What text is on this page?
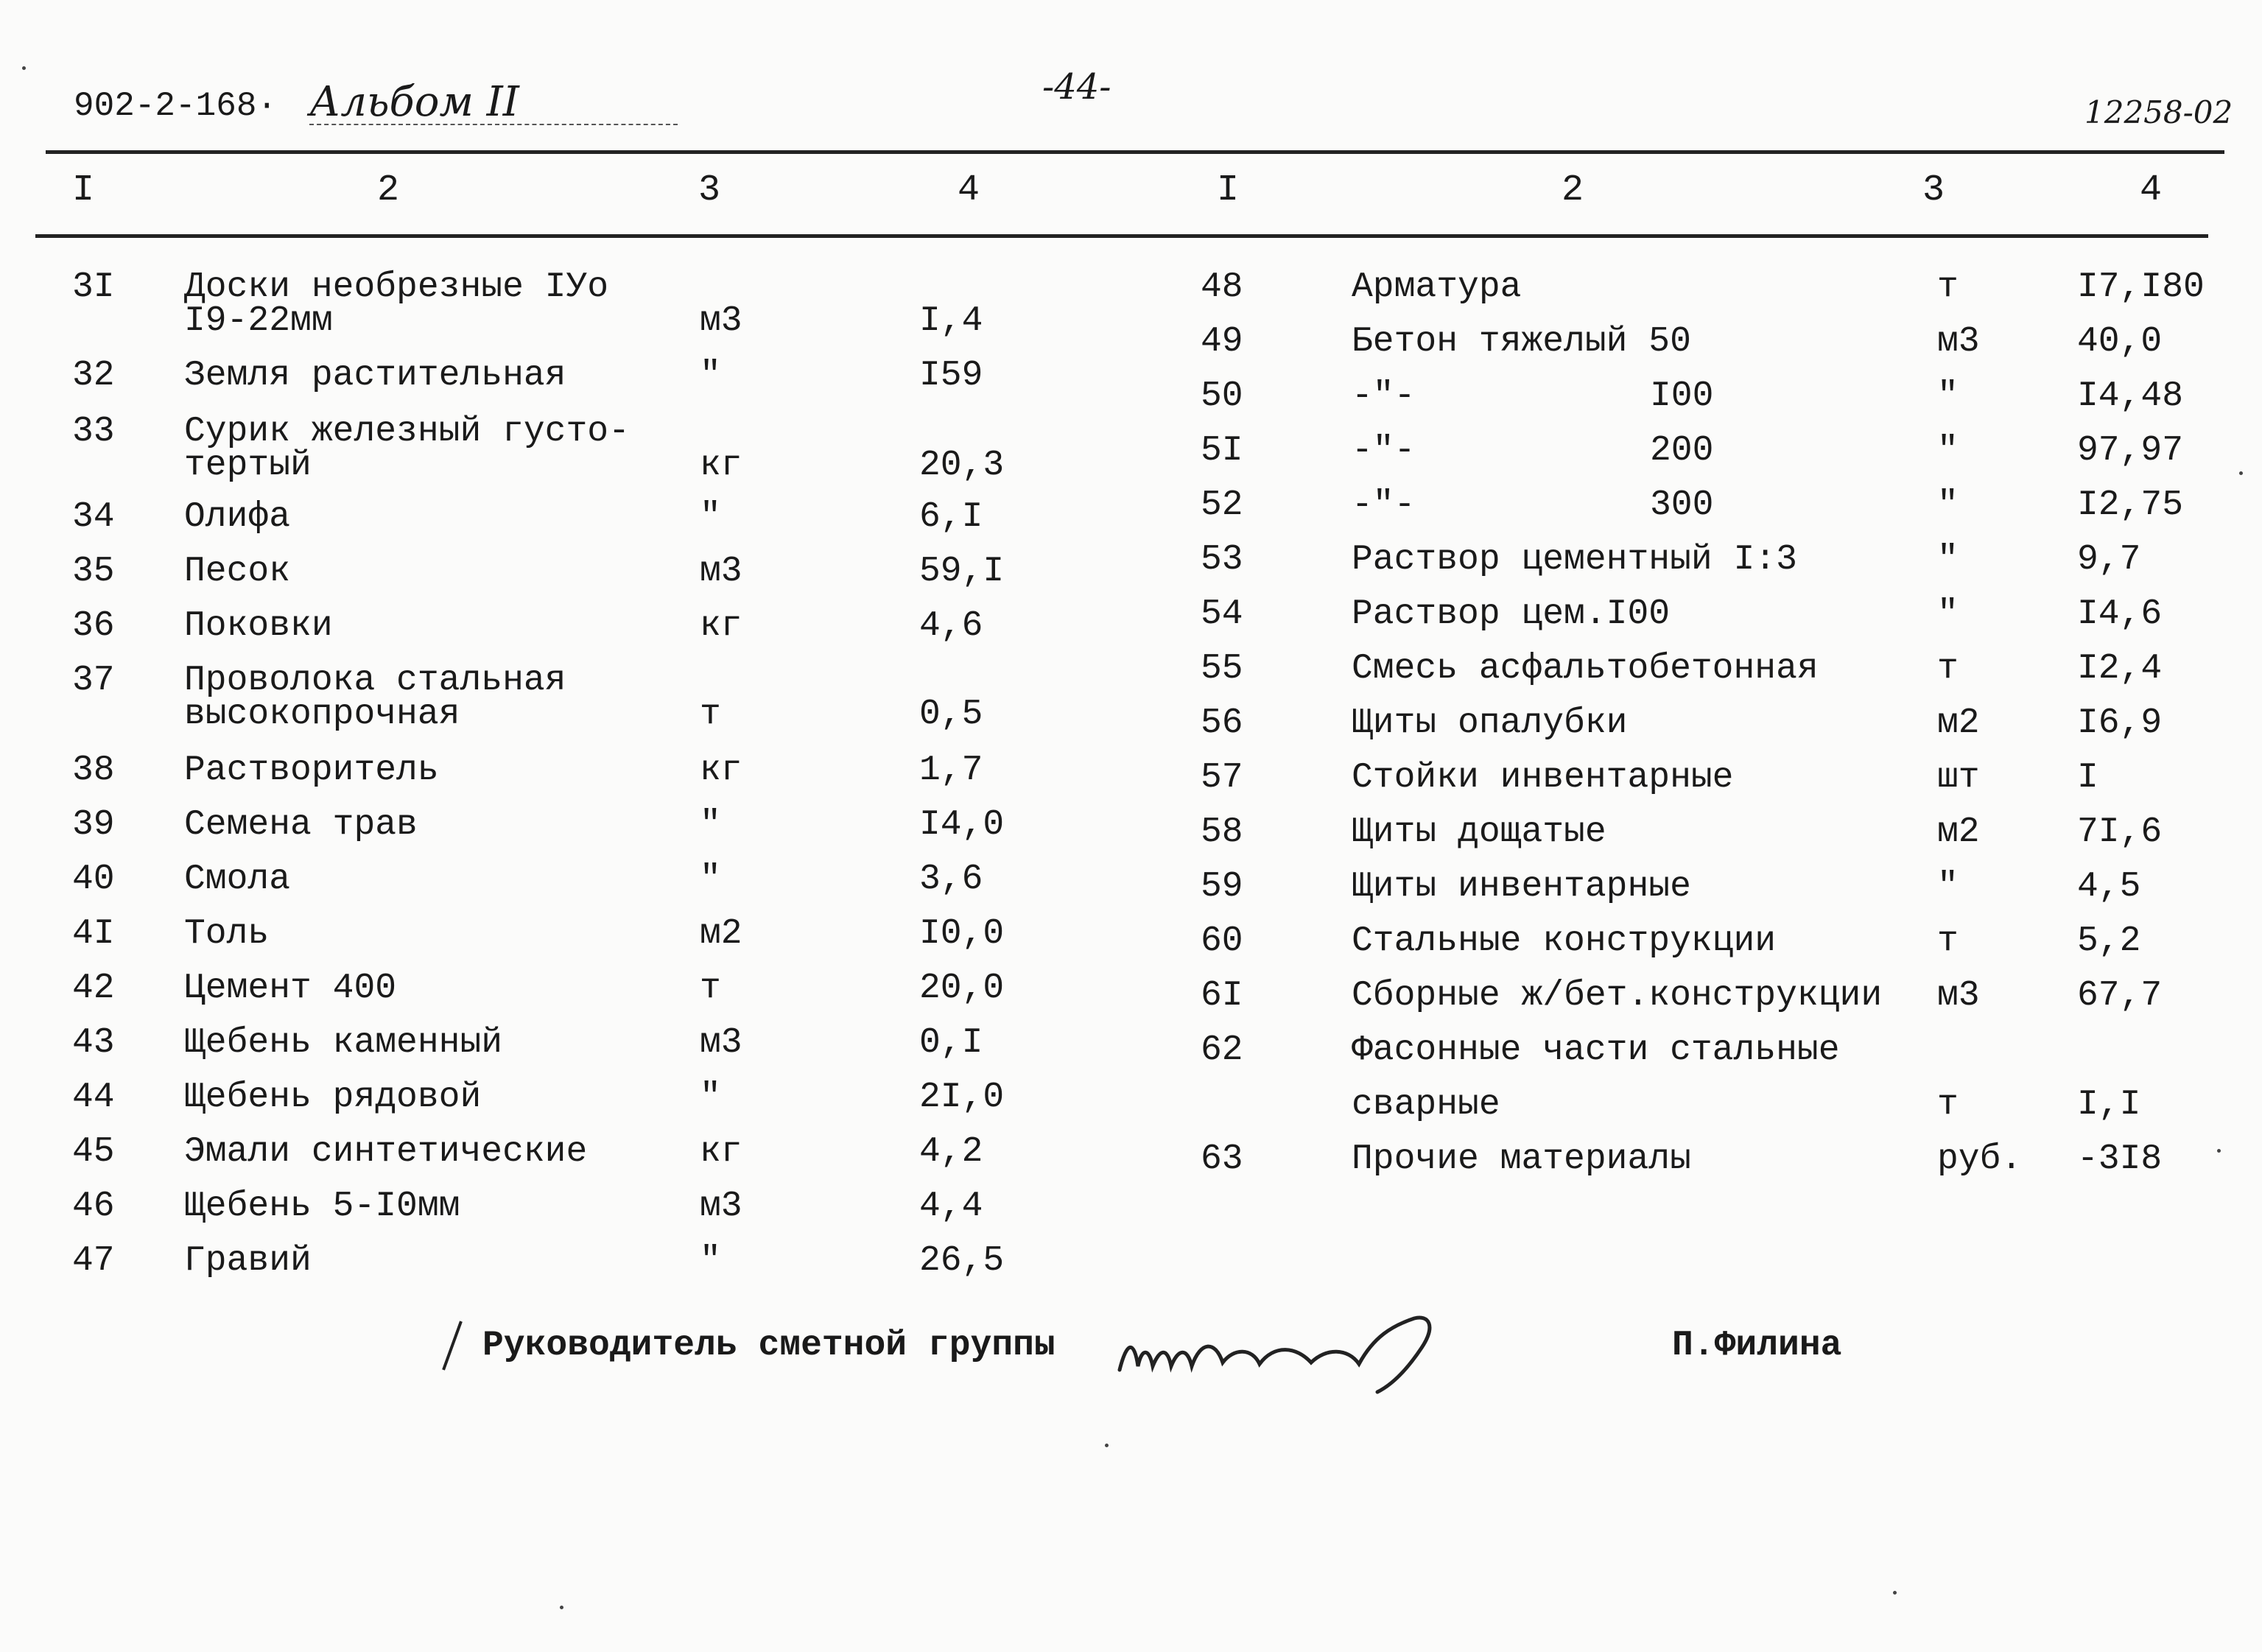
902-2-168· Альбом II	-44-
12258-02
I	2	3	4	I	2	3	4
3I Доски необрезные IУо
I9-22мм	м3	I,4
32 Земля растительная	"	I59
33 Сурик железный густо-
тертый	кг	20,3
34 Олифа	"	6,I
35 Песок	м3	59,I
36 Поковки	кг	4,6
37 Проволока стальная
высокопрочная	т	0,5
38 Растворитель	кг	1,7
39 Семена трав	"	I4,0
40 Смола	"	3,6
4I Толь	м2	I0,0
42 Цемент 400	т	20,0
43 Щебень каменный	м3	0,I
44 Щебень рядовой	"	2I,0
45 Эмали синтетические	кг	4,2
46 Щебень 5-I0мм	м3	4,4
47 Гравий	"	26,5
48	Арматура	т	I7,I80
49	Бетон тяжелый 50	м3	40,0
50	-"-	I00	"	I4,48
5I	-"-	200	"	97,97
52	-"-	300	"	I2,75
53	Раствор цементный I:3	"	9,7
54	Раствор цем.I00	"	I4,6
55	Смесь асфальтобетонная	т	I2,4
56	Щиты опалубки	м2	I6,9
57	Стойки инвентарные	шт	I
58	Щиты дощатые	м2	7I,6
59	Щиты инвентарные	"	4,5
60	Стальные конструкции	т	5,2
6I	Сборные ж/бет.конструкции м3	67,7
62	Фасонные части стальные
сварные	т	I,I
63	Прочие материалы	руб. -3I8
Руководитель сметной группы	П.Филина
